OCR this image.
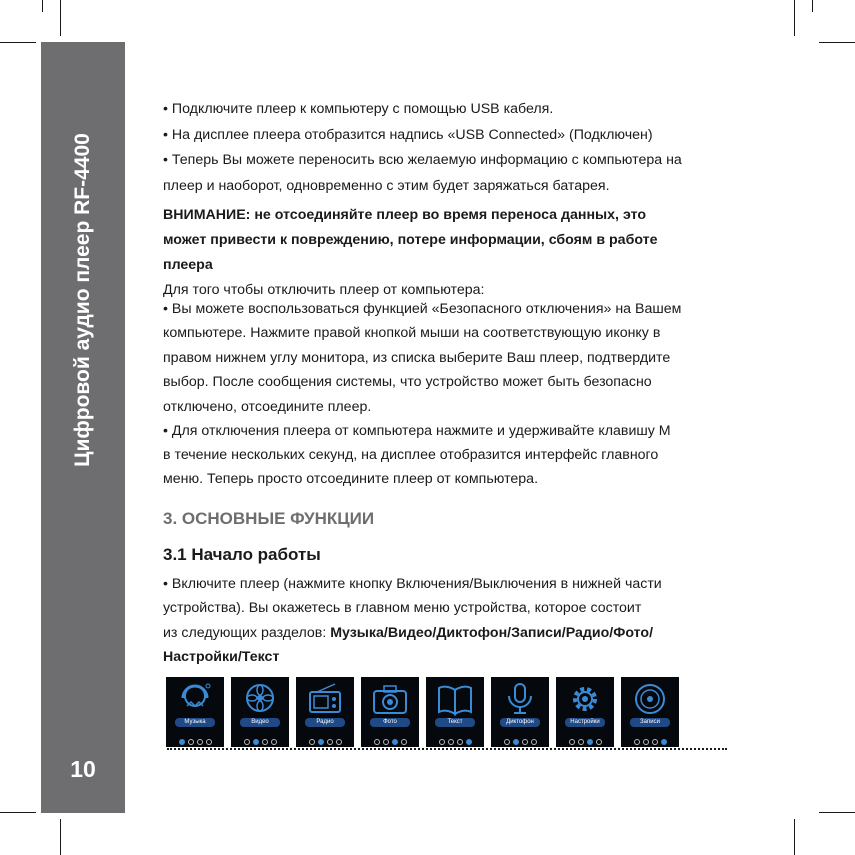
Цифровой аудио плеер RF-4400
10
• Подключите плеер к компьютеру с помощью USB кабеля.
• На дисплее плеера отобразится надпись «USB Connected» (Подключен)
• Теперь Вы можете переносить всю желаемую информацию с компьютера на
плеер и наоборот, одновременно с этим будет заряжаться батарея.
ВНИМАНИЕ: не отсоединяйте плеер во время переноса данных, это
может привести к повреждению, потере информации, сбоям в работе
плеера
Для того чтобы отключить плеер от компьютера:
• Вы можете воспользоваться функцией «Безопасного отключения» на Вашем
компьютере. Нажмите правой кнопкой мыши на соответствующую иконку в
правом нижнем углу монитора, из списка выберите Ваш плеер, подтвердите
выбор. После сообщения системы, что устройство может быть безопасно
отключено, отсоедините плеер.
• Для отключения плеера от компьютера нажмите и удерживайте клавишу М
в течение нескольких секунд, на дисплее отобразится интерфейс главного
меню. Теперь просто отсоедините плеер от компьютера.
3. ОСНОВНЫЕ ФУНКЦИИ
3.1 Начало работы
• Включите плеер (нажмите кнопку Включения/Выключения в нижней части
устройства). Вы окажетесь в главном меню устройства, которое состоит
из следующих разделов: Музыка/Видео/Диктофон/Записи/Радио/Фото/
Настройки/Текст
Музыка	Видео	Радио	Фото	Текст	Диктофон	Настройки	Записи
